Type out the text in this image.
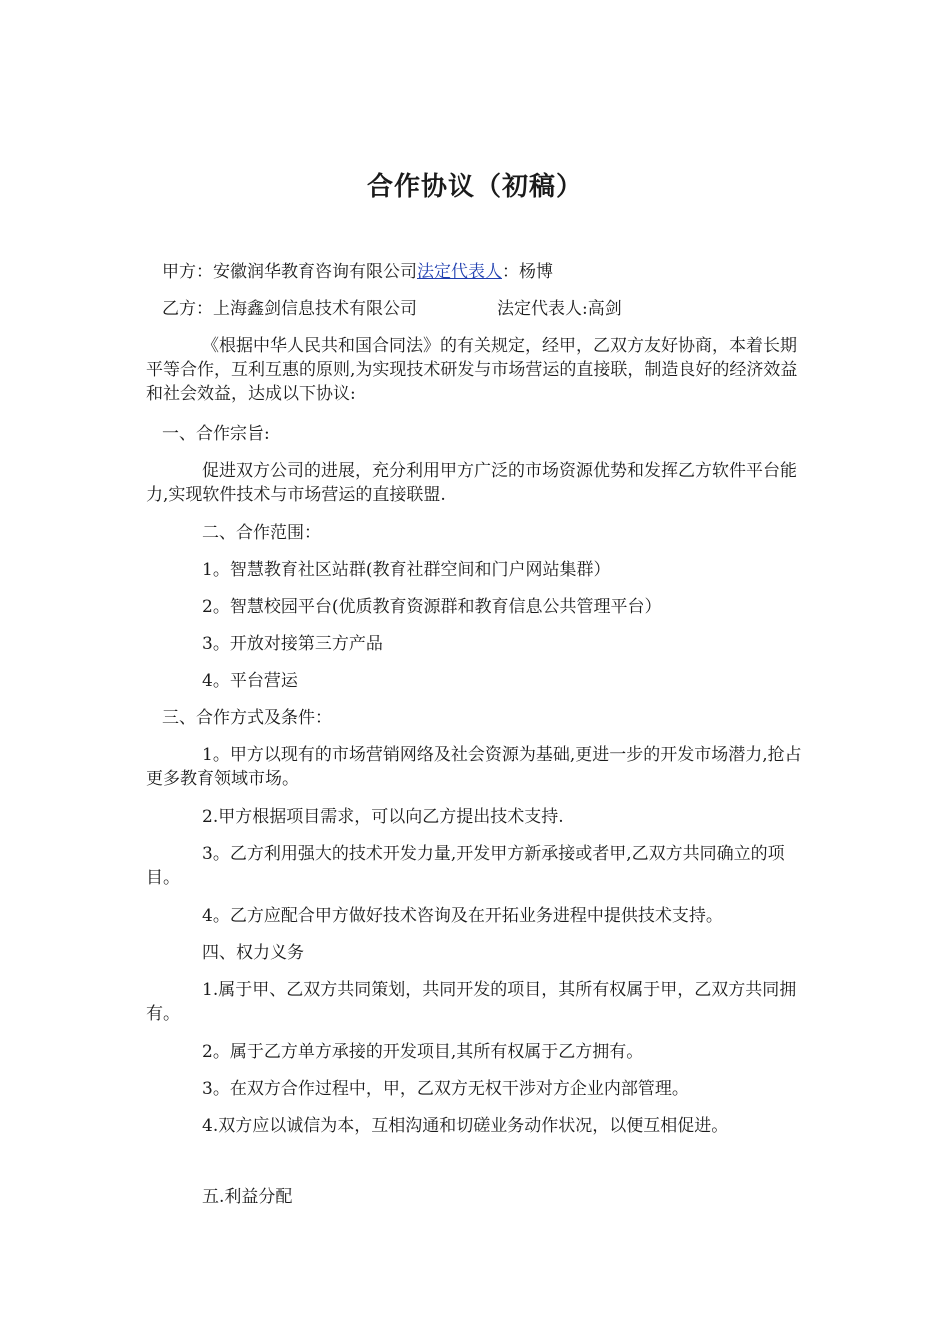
合作协议（初稿）
甲方：安徽润华教育咨询有限公司法定代表人：杨博
乙方：上海鑫剑信息技术有限公司	法定代表人:高剑
《根据中华人民共和国合同法》的有关规定，经甲，乙双方友好协商，本着长期平等合作，互利互惠的原则,为实现技术研发与市场营运的直接联，制造良好的经济效益和社会效益，达成以下协议:
一、合作宗旨:
促进双方公司的进展，充分利用甲方广泛的市场资源优势和发挥乙方软件平台能力,实现软件技术与市场营运的直接联盟.
二、合作范围：
1。智慧教育社区站群(教育社群空间和门户网站集群）
2。智慧校园平台(优质教育资源群和教育信息公共管理平台）
3。开放对接第三方产品
4。平台营运
三、合作方式及条件：
1。甲方以现有的市场营销网络及社会资源为基础,更进一步的开发市场潜力,抢占更多教育领域市场。
2.甲方根据项目需求，可以向乙方提出技术支持.
3。乙方利用强大的技术开发力量,开发甲方新承接或者甲,乙双方共同确立的项目。
4。乙方应配合甲方做好技术咨询及在开拓业务进程中提供技术支持。
四、权力义务
1.属于甲、乙双方共同策划，共同开发的项目，其所有权属于甲，乙双方共同拥有。
2。属于乙方单方承接的开发项目,其所有权属于乙方拥有。
3。在双方合作过程中，甲，乙双方无权干涉对方企业内部管理。
4.双方应以诚信为本，互相沟通和切磋业务动作状况，以便互相促进。
五.利益分配
